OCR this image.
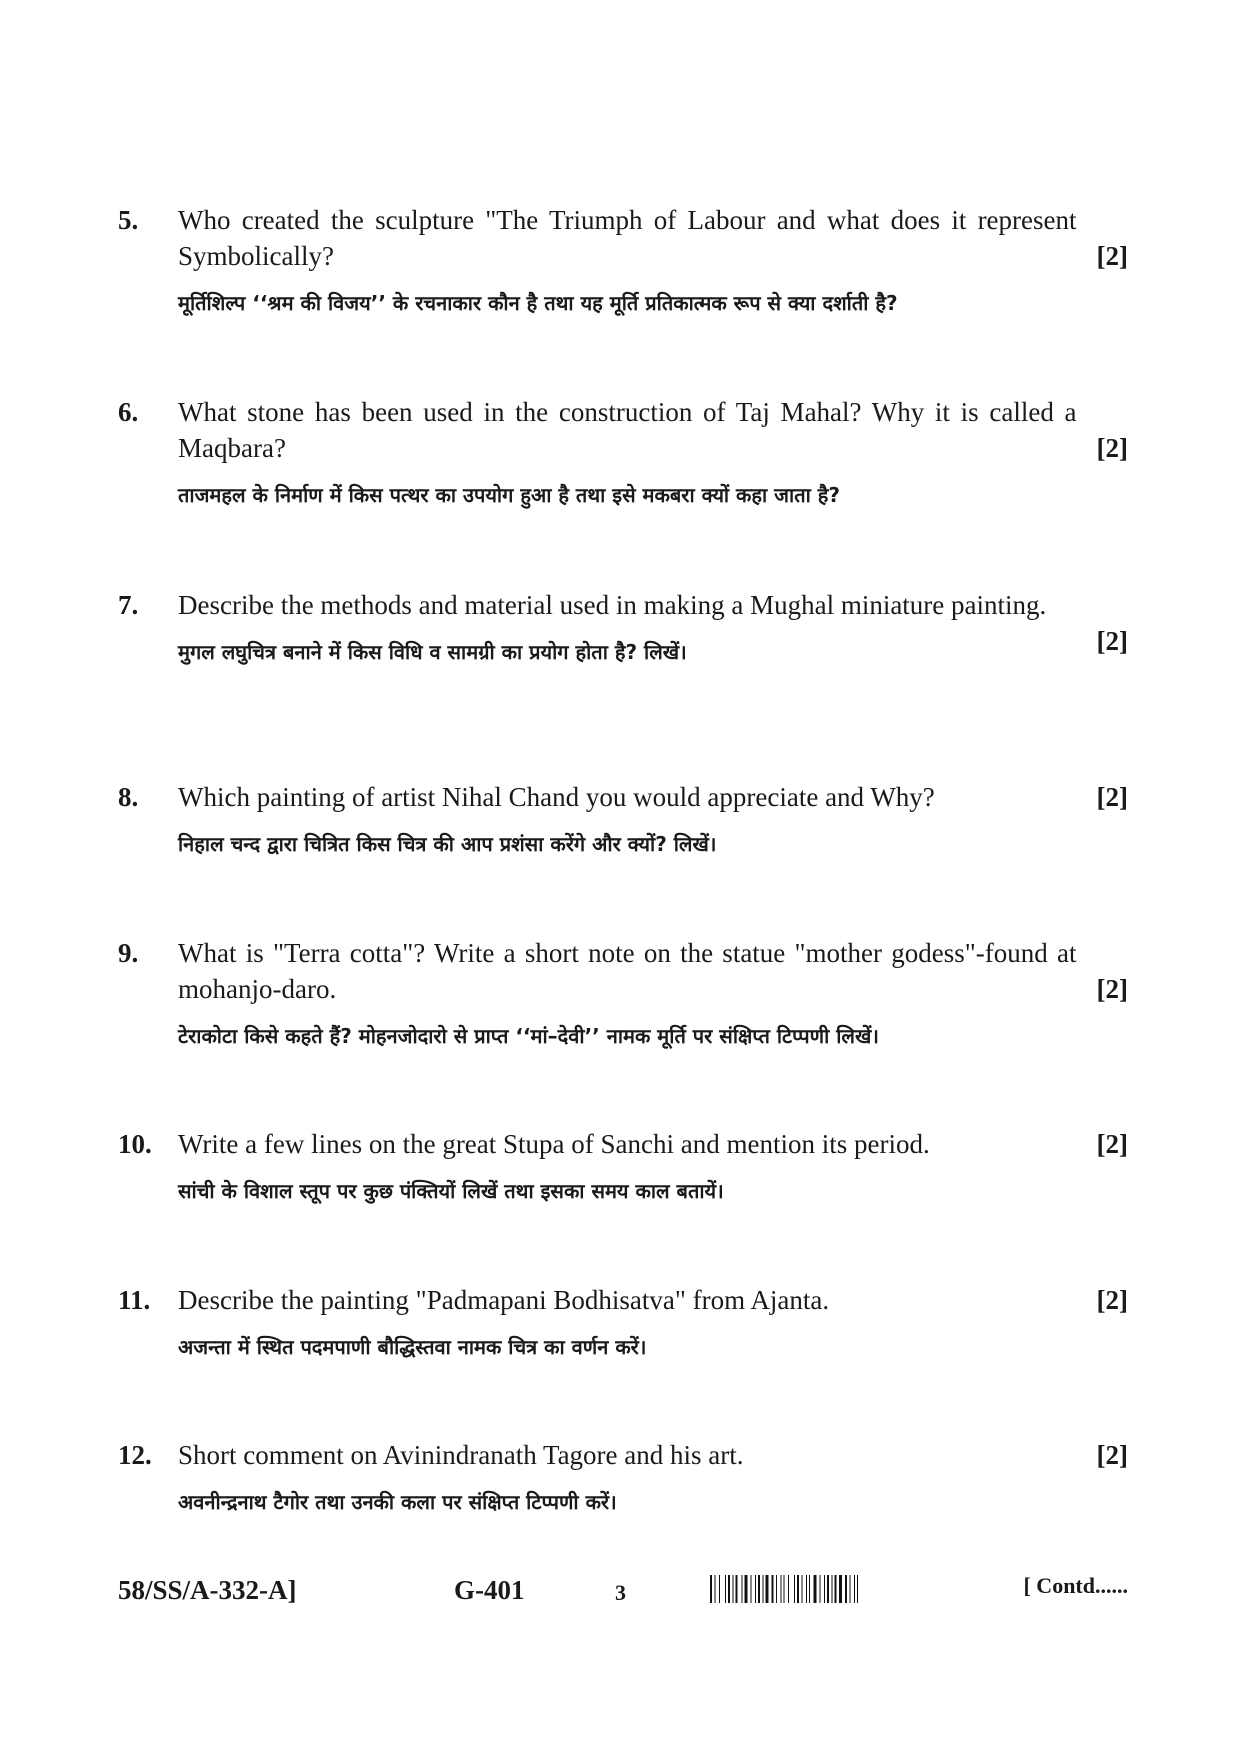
5.
[2]
Who created the sculpture "The Triumph of Labour and what does it represent Symbolically?
मूर्तिशिल्प ‘‘श्रम की विजय’’ के रचनाकार कौन है तथा यह मूर्ति प्रतिकात्मक रूप से क्या दर्शाती है?
6.
[2]
What stone has been used in the construction of Taj Mahal? Why it is called a Maqbara?
ताजमहल के निर्माण में किस पत्थर का उपयोग हुआ है तथा इसे मकबरा क्यों कहा जाता है?
7.
[2]
Describe the methods and material used in making a Mughal miniature painting.
मुगल लघुचित्र बनाने में किस विधि व सामग्री का प्रयोग होता है? लिखें।
8.	[2]
Which painting of artist Nihal Chand you would appreciate and Why?
निहाल चन्द द्वारा चित्रित किस चित्र की आप प्रशंसा करेंगे और क्यों? लिखें।
9.
[2]
What is "Terra cotta"? Write a short note on the statue "mother godess"-found at mohanjo-daro.
टेराकोटा किसे कहते हैं? मोहनजोदारो से प्राप्त ‘‘मां–देवी’’ नामक मूर्ति पर संक्षिप्त टिप्पणी लिखें।
10.	[2]
Write a few lines on the great Stupa of Sanchi and mention its period.
सांची के विशाल स्तूप पर कुछ पंक्तियों लिखें तथा इसका समय काल बतायें।
11.	[2]
Describe the painting "Padmapani Bodhisatva" from Ajanta.
अजन्ता में स्थित पदमपाणी बौद्धिस्तवा नामक चित्र का वर्णन करें।
12.	[2]
Short comment on Avinindranath Tagore and his art.
अवनीन्द्रनाथ टैगोर तथा उनकी कला पर संक्षिप्त टिप्पणी करें।
58/SS/A-332-A]	G-401	3	[ Contd......
